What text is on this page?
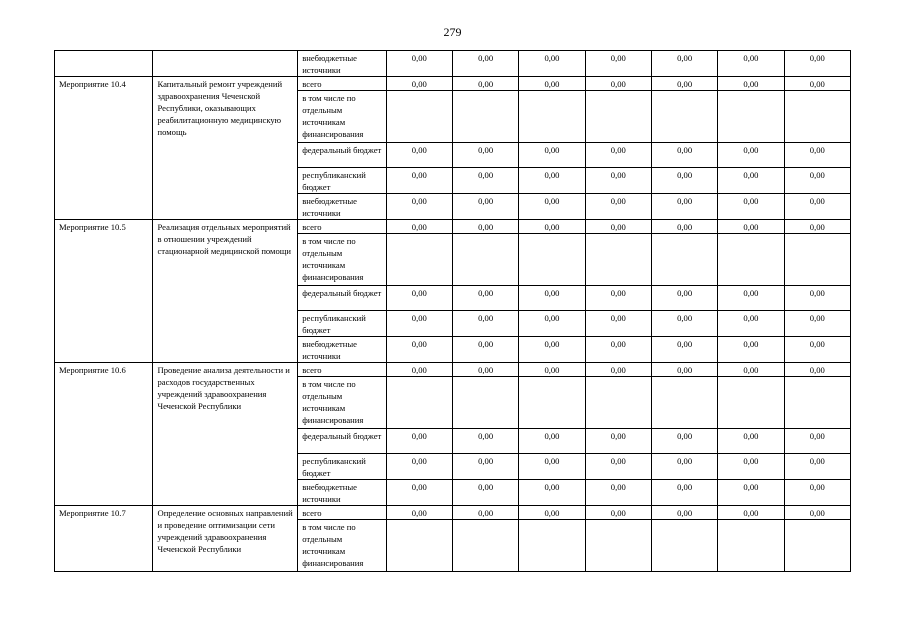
279
		внебюджетные источники	0,00	0,00	0,00	0,00	0,00	0,00	0,00
Мероприятие 10.4	Капитальный ремонт учреждений здравоохранения Чеченской Республики, оказывающих реабилитационную медицинскую помощь	всего	0,00	0,00	0,00	0,00	0,00	0,00	0,00
		в том числе по отдельным источникам финансирования							
		федеральный бюджет	0,00	0,00	0,00	0,00	0,00	0,00	0,00
		республиканский бюджет	0,00	0,00	0,00	0,00	0,00	0,00	0,00
		внебюджетные источники	0,00	0,00	0,00	0,00	0,00	0,00	0,00
Мероприятие 10.5	Реализация отдельных мероприятий в отношении учреждений стационарной медицинской помощи	всего	0,00	0,00	0,00	0,00	0,00	0,00	0,00
		в том числе по отдельным источникам финансирования							
		федеральный бюджет	0,00	0,00	0,00	0,00	0,00	0,00	0,00
		республиканский бюджет	0,00	0,00	0,00	0,00	0,00	0,00	0,00
		внебюджетные источники	0,00	0,00	0,00	0,00	0,00	0,00	0,00
Мероприятие 10.6	Проведение анализа деятельности и расходов государственных учреждений здравоохранения Чеченской Республики	всего	0,00	0,00	0,00	0,00	0,00	0,00	0,00
		в том числе по отдельным источникам финансирования							
		федеральный бюджет	0,00	0,00	0,00	0,00	0,00	0,00	0,00
		республиканский бюджет	0,00	0,00	0,00	0,00	0,00	0,00	0,00
		внебюджетные источники	0,00	0,00	0,00	0,00	0,00	0,00	0,00
Мероприятие 10.7	Определение основных направлений и проведение оптимизации сети учреждений здравоохранения Чеченской Республики	всего	0,00	0,00	0,00	0,00	0,00	0,00	0,00
		в том числе по отдельным источникам финансирования							
